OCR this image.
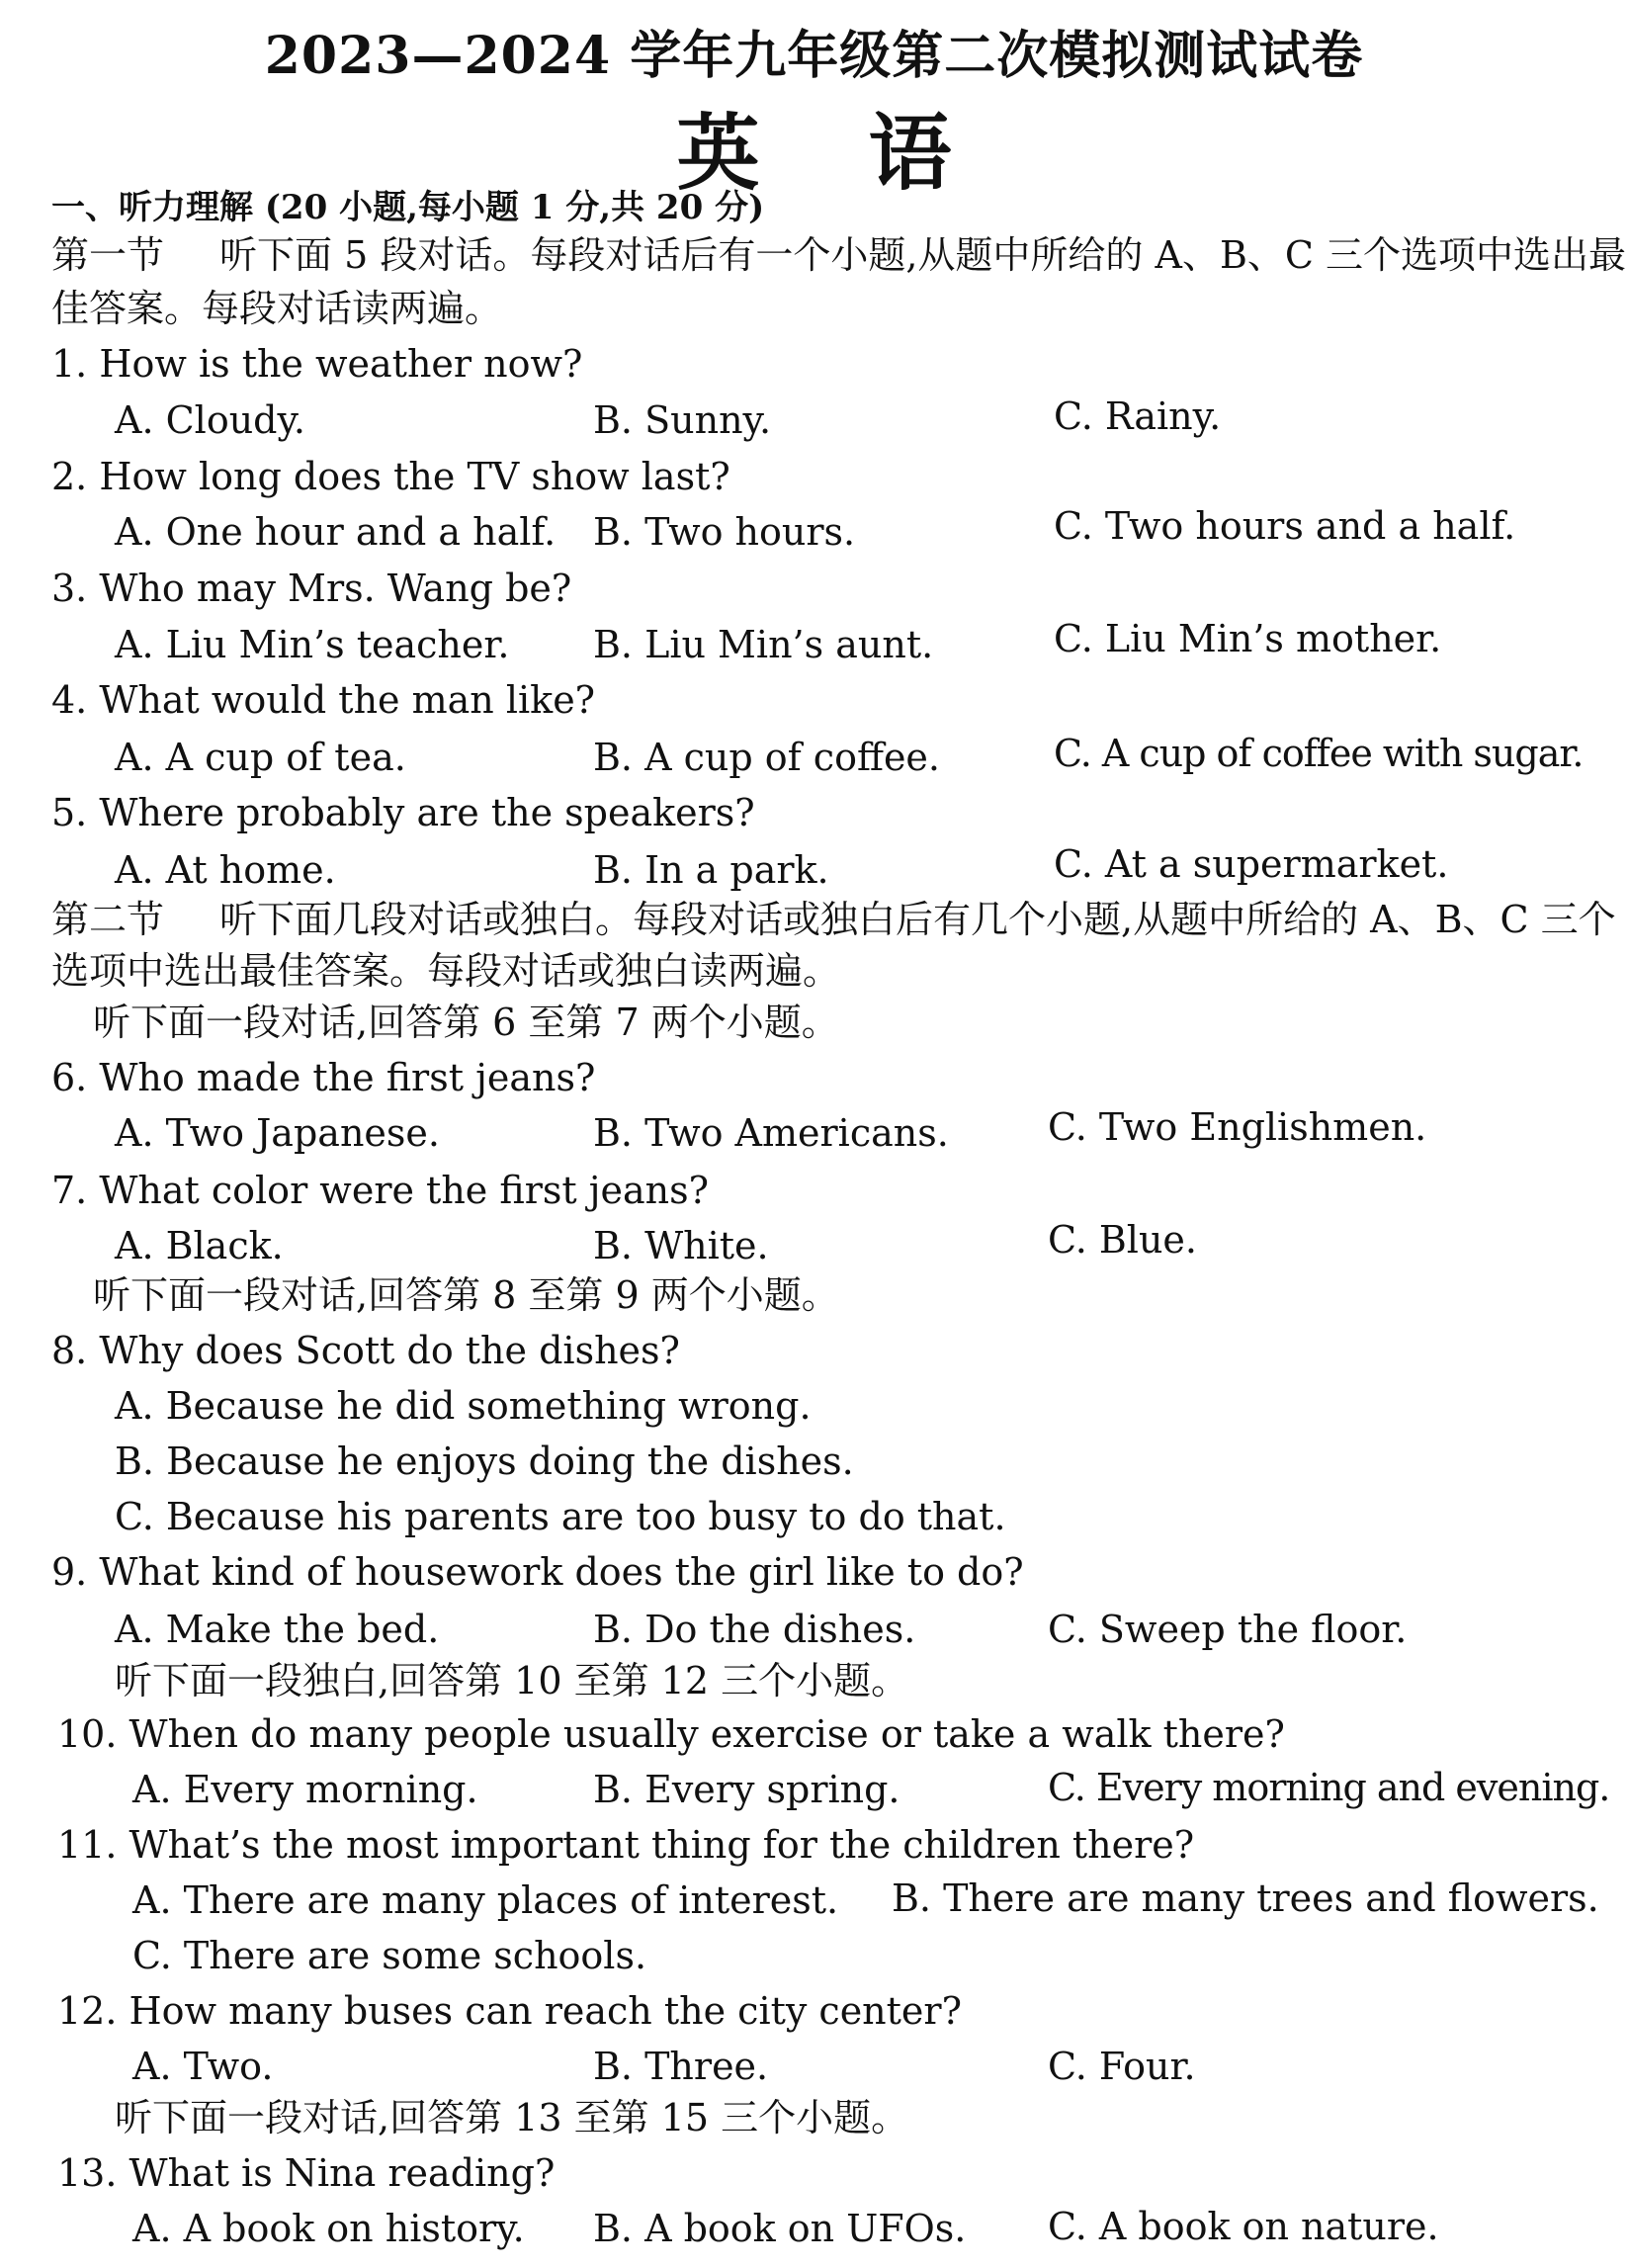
2023—2024 学年九年级第二次模拟测试试卷
英语
一、听力理解 (20 小题,每小题 1 分,共 20 分)
第一节 听下面 5 段对话。每段对话后有一个小题,从题中所给的 A、B、C 三个选项中选出最
佳答案。每段对话读两遍。
1. How is the weather now?
A. Cloudy.	B. Sunny.	C. Rainy.
2. How long does the TV show last?
A. One hour and a half. B. Two hours.	C. Two hours and a half.
3. Who may Mrs. Wang be?
A. Liu Min’s teacher. B. Liu Min’s aunt.	C. Liu Min’s mother.
4. What would the man like?
A. A cup of tea.	B. A cup of coffee.	C. A cup of coffee with sugar.
5. Where probably are the speakers?
A. At home.	B. In a park.	C. At a supermarket.
第二节 听下面几段对话或独白。每段对话或独白后有几个小题,从题中所给的 A、B、C 三个
选项中选出最佳答案。每段对话或独白读两遍。
听下面一段对话,回答第 6 至第 7 两个小题。
6. Who made the first jeans?
A. Two Japanese.	B. Two Americans.	C. Two Englishmen.
7. What color were the first jeans?
A. Black.	B. White.	C. Blue.
听下面一段对话,回答第 8 至第 9 两个小题。
8. Why does Scott do the dishes?
A. Because he did something wrong.
B. Because he enjoys doing the dishes.
C. Because his parents are too busy to do that.
9. What kind of housework does the girl like to do?
A. Make the bed.	B. Do the dishes.	C. Sweep the floor.
听下面一段独白,回答第 10 至第 12 三个小题。
10. When do many people usually exercise or take a walk there?
A. Every morning.	B. Every spring.	C. Every morning and evening.
11. What’s the most important thing for the children there?
A. There are many places of interest. B. There are many trees and flowers.
C. There are some schools.
12. How many buses can reach the city center?
A. Two.	B. Three.	C. Four.
听下面一段对话,回答第 13 至第 15 三个小题。
13. What is Nina reading?
A. A book on history. B. A book on UFOs. C. A book on nature.
